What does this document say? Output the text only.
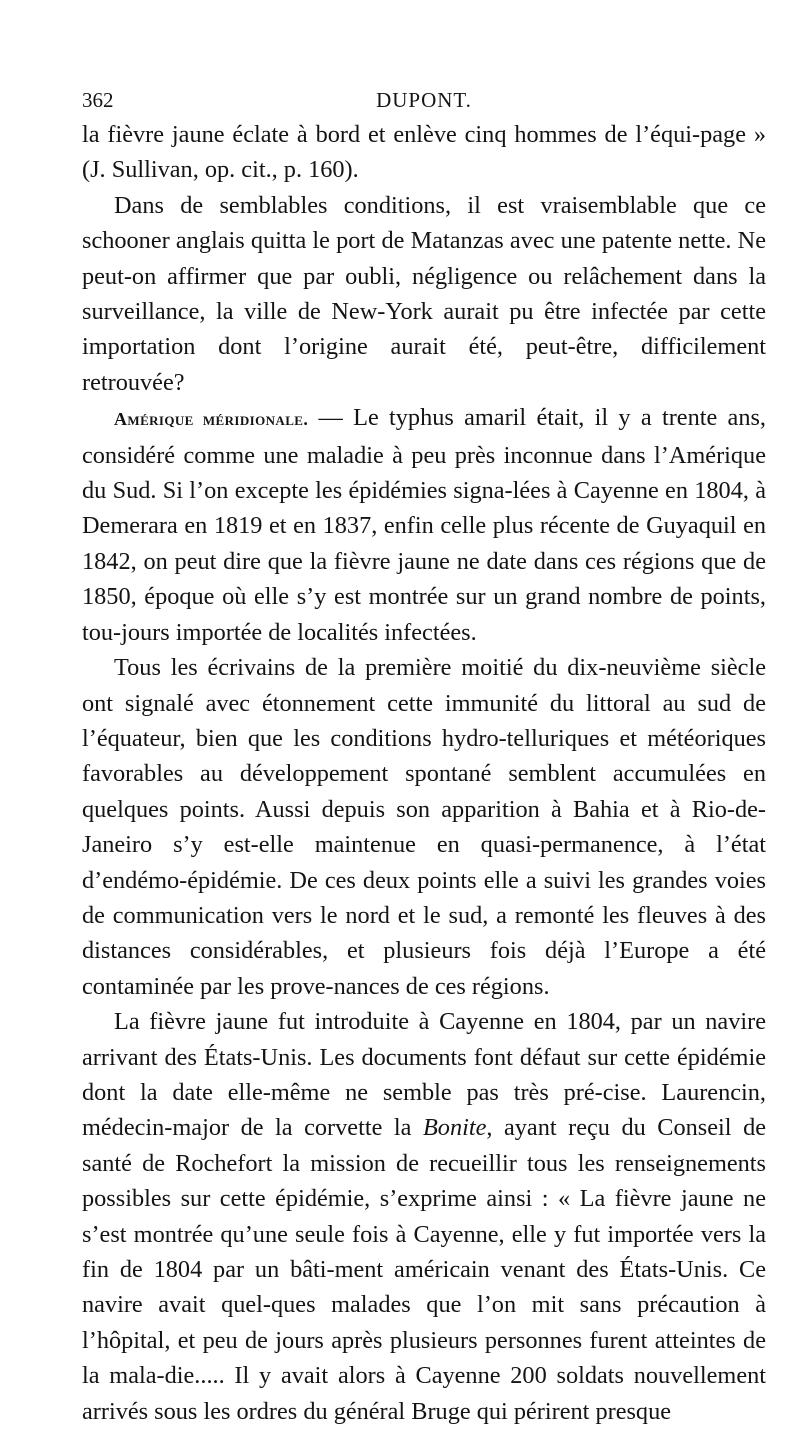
362	DUPONT.

la fièvre jaune éclate à bord et enlève cinq hommes de l’équi-page » (J. Sullivan, op. cit., p. 160).

Dans de semblables conditions, il est vraisemblable que ce schooner anglais quitta le port de Matanzas avec une patente nette. Ne peut-on affirmer que par oubli, négligence ou relâchement dans la surveillance, la ville de New-York aurait pu être infectée par cette importation dont l’origine aurait été, peut-être, difficilement retrouvée?

Amérique méridionale. — Le typhus amaril était, il y a trente ans, considéré comme une maladie à peu près inconnue dans l’Amérique du Sud. Si l’on excepte les épidémies signa-lées à Cayenne en 1804, à Demerara en 1819 et en 1837, enfin celle plus récente de Guyaquil en 1842, on peut dire que la fièvre jaune ne date dans ces régions que de 1850, époque où elle s’y est montrée sur un grand nombre de points, tou-jours importée de localités infectées.

Tous les écrivains de la première moitié du dix-neuvième siècle ont signalé avec étonnement cette immunité du littoral au sud de l’équateur, bien que les conditions hydro-telluriques et météoriques favorables au développement spontané semblent accumulées en quelques points. Aussi depuis son apparition à Bahia et à Rio-de-Janeiro s’y est-elle maintenue en quasi-permanence, à l’état d’endémo-épidémie. De ces deux points elle a suivi les grandes voies de communication vers le nord et le sud, a remonté les fleuves à des distances considérables, et plusieurs fois déjà l’Europe a été contaminée par les prove-nances de ces régions.

La fièvre jaune fut introduite à Cayenne en 1804, par un navire arrivant des États-Unis. Les documents font défaut sur cette épidémie dont la date elle-même ne semble pas très pré-cise. Laurencin, médecin-major de la corvette la Bonite, ayant reçu du Conseil de santé de Rochefort la mission de recueillir tous les renseignements possibles sur cette épidémie, s’exprime ainsi : « La fièvre jaune ne s’est montrée qu’une seule fois à Cayenne, elle y fut importée vers la fin de 1804 par un bâti-ment américain venant des États-Unis. Ce navire avait quel-ques malades que l’on mit sans précaution à l’hôpital, et peu de jours après plusieurs personnes furent atteintes de la mala-die..... Il y avait alors à Cayenne 200 soldats nouvellement arrivés sous les ordres du général Bruge qui périrent presque
